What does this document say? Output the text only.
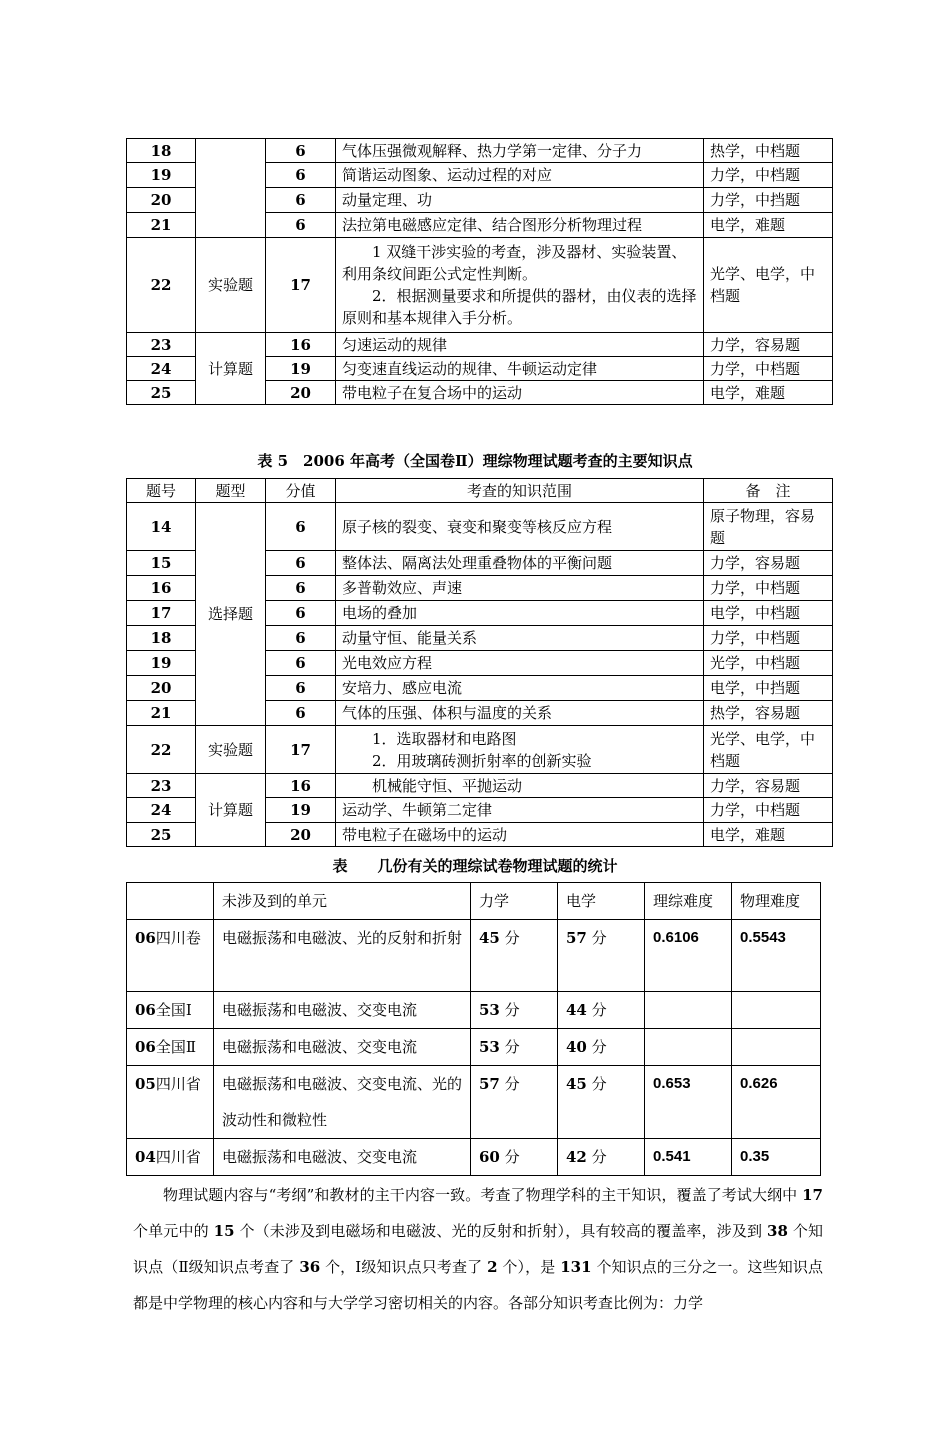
18		6	气体压强微观解释、热力学第一定律、分子力	热学，中档题
19		6	简谐运动图象、运动过程的对应	力学，中档题
20		6	动量定理、功	力学，中挡题
21		6	法拉第电磁感应定律、结合图形分析物理过程	电学，难题
22	实验题	17	1 双缝干涉实验的考查，涉及器材、实验装置、利用条纹间距公式定性判断。
2．根据测量要求和所提供的器材，由仪表的选择原则和基本规律入手分析。	光学、电学，中档题
23	计算题	16	匀速运动的规律	力学，容易题
24		19	匀变速直线运动的规律、牛顿运动定律	力学，中档题
25		20	带电粒子在复合场中的运动	电学，难题
表 5　2006 年高考（全国卷Ⅱ）理综物理试题考查的主要知识点
题号	题型	分值	考查的知识范围	备　注
14	选择题	6	原子核的裂变、衰变和聚变等核反应方程	原子物理，容易题
15		6	整体法、隔离法处理重叠物体的平衡问题	力学，容易题
16		6	多普勒效应、声速	力学，中档题
17		6	电场的叠加	电学，中档题
18		6	动量守恒、能量关系	力学，中档题
19		6	光电效应方程	光学，中档题
20		6	安培力、感应电流	电学，中挡题
21		6	气体的压强、体积与温度的关系	热学，容易题
22	实验题	17	1．选取器材和电路图
2．用玻璃砖测折射率的创新实验	光学、电学，中档题
23	计算题	16	机械能守恒、平抛运动	力学，容易题
24		19	运动学、牛顿第二定律	力学，中档题
25		20	带电粒子在磁场中的运动	电学，难题
表　　几份有关的理综试卷物理试题的统计
	未涉及到的单元	力学	电学	理综难度	物理难度
06四川卷	电磁振荡和电磁波、光的反射和折射	45 分	57 分	0.6106	0.5543
06全国Ⅰ	电磁振荡和电磁波、交变电流	53 分	44 分		
06全国Ⅱ	电磁振荡和电磁波、交变电流	53 分	40 分		
05四川省	电磁振荡和电磁波、交变电流、光的波动性和微粒性	57 分	45 分	0.653	0.626
04四川省	电磁振荡和电磁波、交变电流	60 分	42 分	0.541	0.35

物理试题内容与“考纲”和教材的主干内容一致。考查了物理学科的主干知识，覆盖了考试大纲中 17 个单元中的 15 个（未涉及到电磁场和电磁波、光的反射和折射），具有较高的覆盖率，涉及到 38 个知识点（Ⅱ级知识点考查了 36 个，Ⅰ级知识点只考查了 2 个），是 131 个知识点的三分之一。这些知识点都是中学物理的核心内容和与大学学习密切相关的内容。各部分知识考查比例为：力学
